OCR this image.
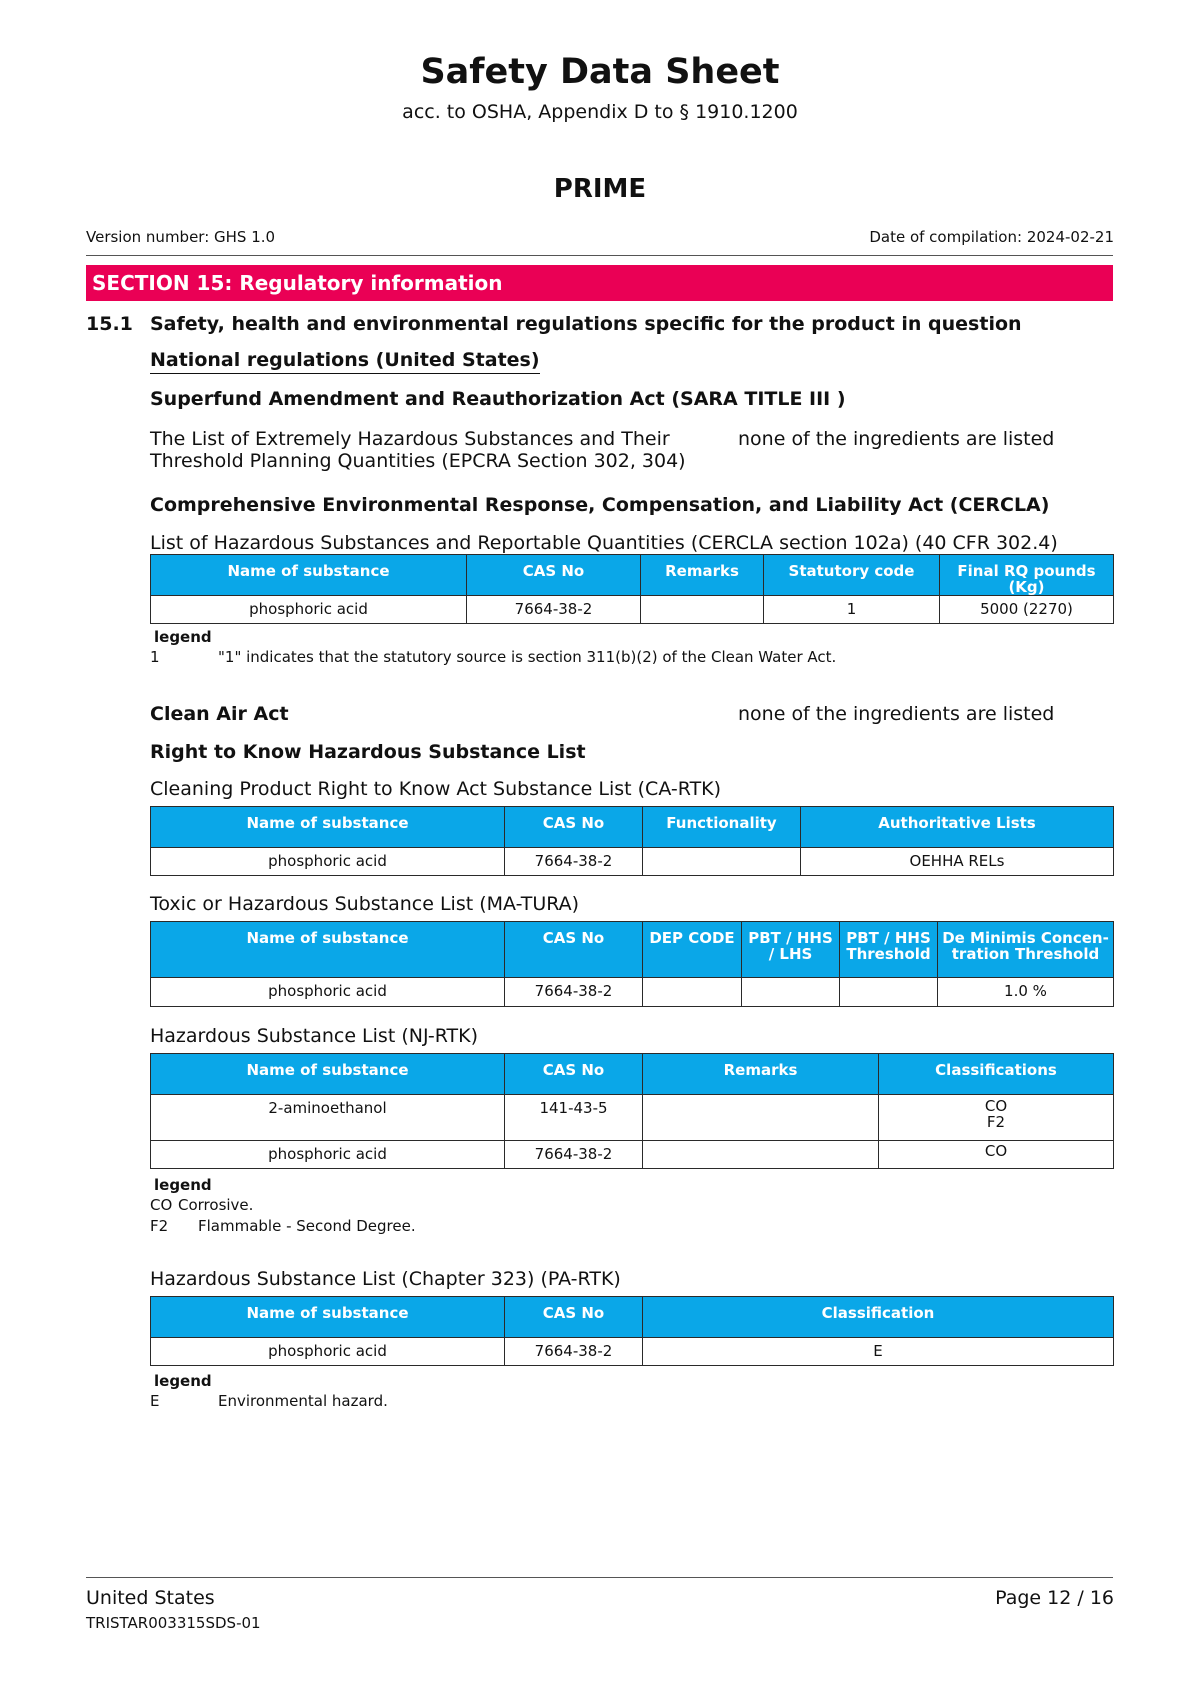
Safety Data Sheet
acc. to OSHA, Appendix D to § 1910.1200
PRIME
Version number: GHS 1.0	Date of compilation: 2024-02-21
SECTION 15: Regulatory information
15.1 Safety, health and environmental regulations specific for the product in question
National regulations (United States)
Superfund Amendment and Reauthorization Act (SARA TITLE III )
The List of Extremely Hazardous Substances and Their
Threshold Planning Quantities (EPCRA Section 302, 304)
none of the ingredients are listed
Comprehensive Environmental Response, Compensation, and Liability Act (CERCLA)
List of Hazardous Substances and Reportable Quantities (CERCLA section 102a) (40 CFR 302.4)
Name of substance	CAS No	Remarks	Statutory code	Final RQ pounds (Kg)
phosphoric acid	7664-38-2		1	5000 (2270)
legend
1	"1" indicates that the statutory source is section 311(b)(2) of the Clean Water Act.
Clean Air Act	none of the ingredients are listed
Right to Know Hazardous Substance List
Cleaning Product Right to Know Act Substance List (CA-RTK)
Name of substance	CAS No	Functionality	Authoritative Lists
phosphoric acid	7664-38-2		OEHHA RELs
Toxic or Hazardous Substance List (MA-TURA)
Name of substance	CAS No	DEP CODE	PBT / HHS / LHS	PBT / HHS Threshold	De Minimis Concen-tration Threshold
phosphoric acid	7664-38-2				1.0 %
Hazardous Substance List (NJ-RTK)
Name of substance	CAS No	Remarks	Classifications
2-aminoethanol	141-43-5		CO
F2
phosphoric acid	7664-38-2		CO
legend
CO Corrosive.
F2 Flammable - Second Degree.
Hazardous Substance List (Chapter 323) (PA-RTK)
Name of substance	CAS No	Classification
phosphoric acid	7664-38-2	E
legend
E	Environmental hazard.
United States
TRISTAR003315SDS-01
Page 12 / 16
